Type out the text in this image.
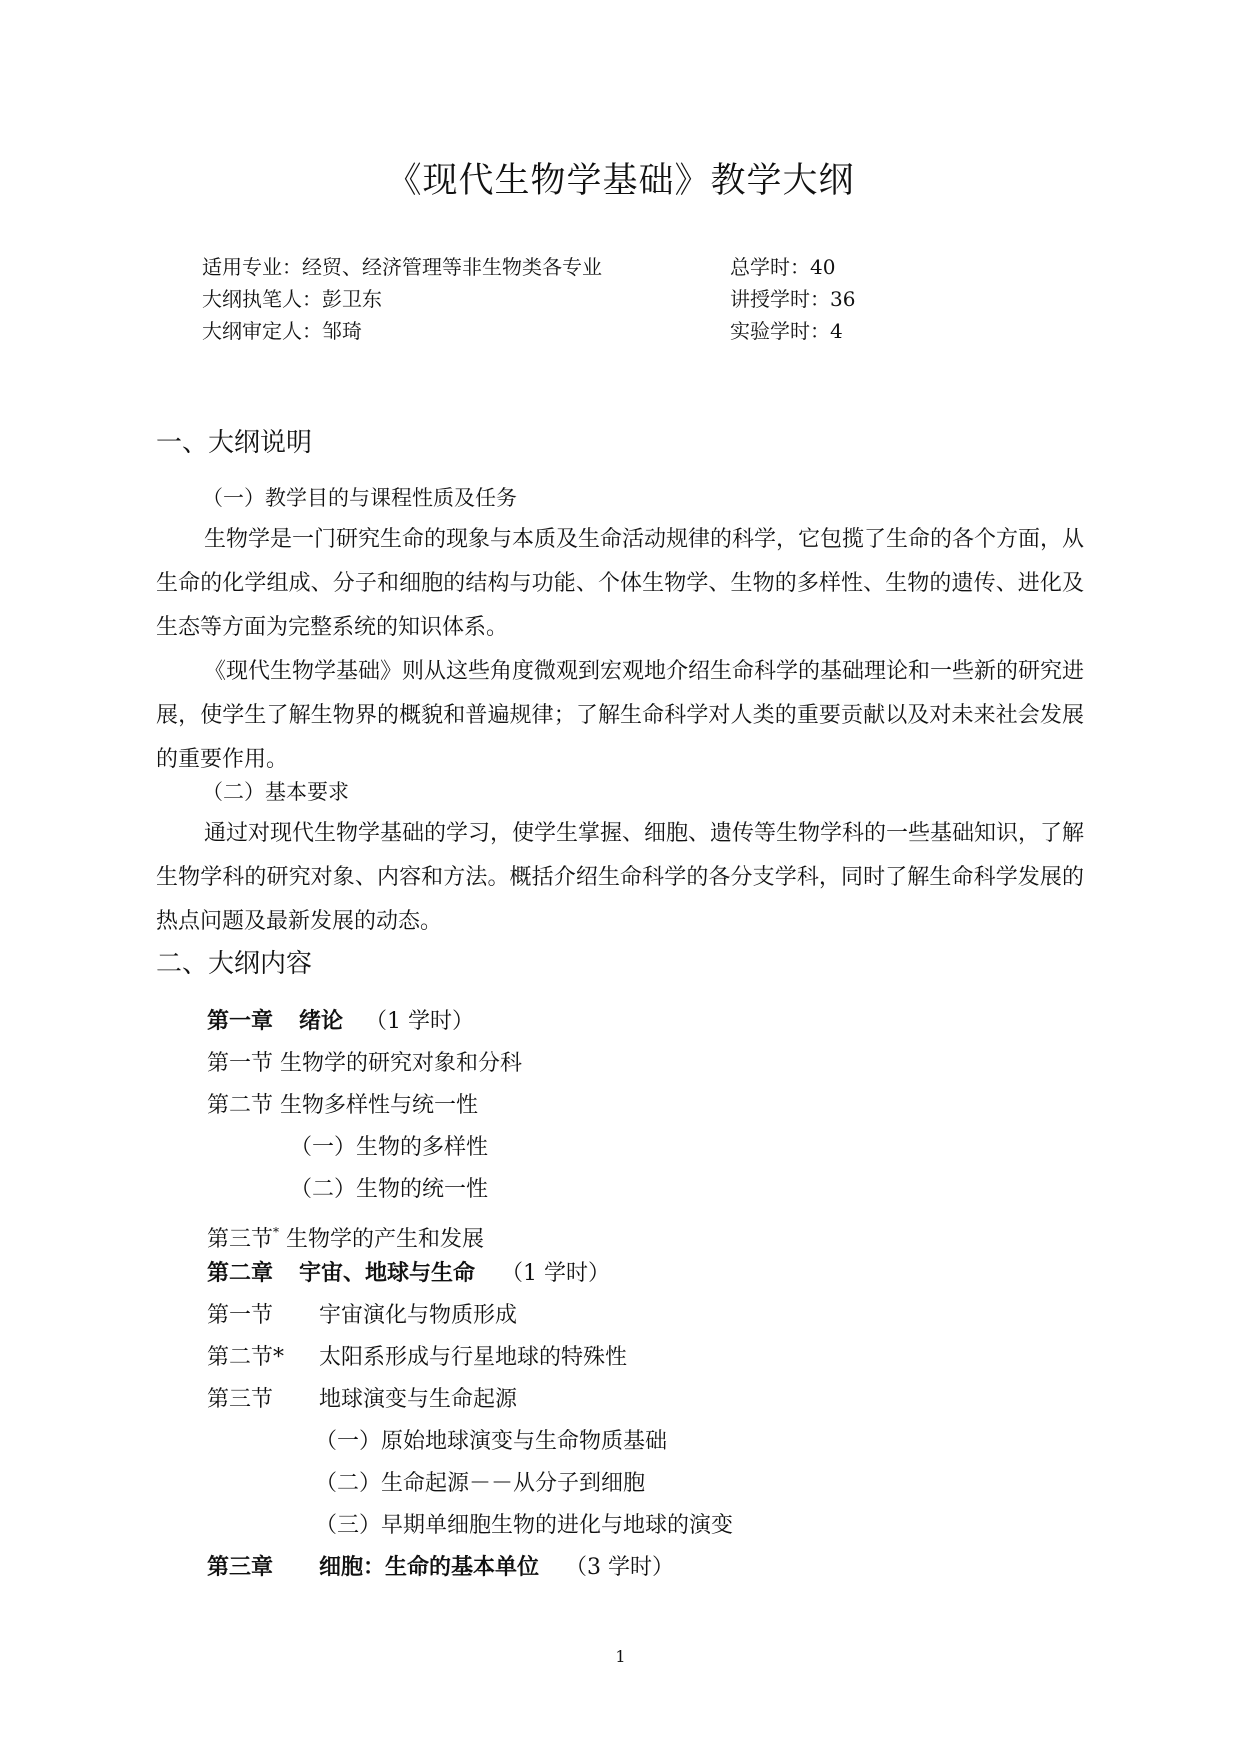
《现代生物学基础》教学大纲
适用专业：经贸、经济管理等非生物类各专业	总学时：40
大纲执笔人：彭卫东	讲授学时：36
大纲审定人：邹琦	实验学时：4
一、大纲说明
（一）教学目的与课程性质及任务
生物学是一门研究生命的现象与本质及生命活动规律的科学，它包揽了生命的各个方面，从生命的化学组成、分子和细胞的结构与功能、个体生物学、生物的多样性、生物的遗传、进化及生态等方面为完整系统的知识体系。
《现代生物学基础》则从这些角度微观到宏观地介绍生命科学的基础理论和一些新的研究进展，使学生了解生物界的概貌和普遍规律；了解生命科学对人类的重要贡献以及对未来社会发展的重要作用。
（二）基本要求
通过对现代生物学基础的学习，使学生掌握、细胞、遗传等生物学科的一些基础知识，了解生物学科的研究对象、内容和方法。概括介绍生命科学的各分支学科，同时了解生命科学发展的热点问题及最新发展的动态。
二、大纲内容
第一章 绪论 （1 学时）
第一节 生物学的研究对象和分科
第二节 生物多样性与统一性
（一）生物的多样性
（二）生物的统一性
第三节* 生物学的产生和发展
第二章 宇宙、地球与生命 （1 学时）
第一节 宇宙演化与物质形成
第二节* 太阳系形成与行星地球的特殊性
第三节 地球演变与生命起源
（一）原始地球演变与生命物质基础
（二）生命起源－－从分子到细胞
（三）早期单细胞生物的进化与地球的演变
第三章 细胞：生命的基本单位 （3 学时）
1
